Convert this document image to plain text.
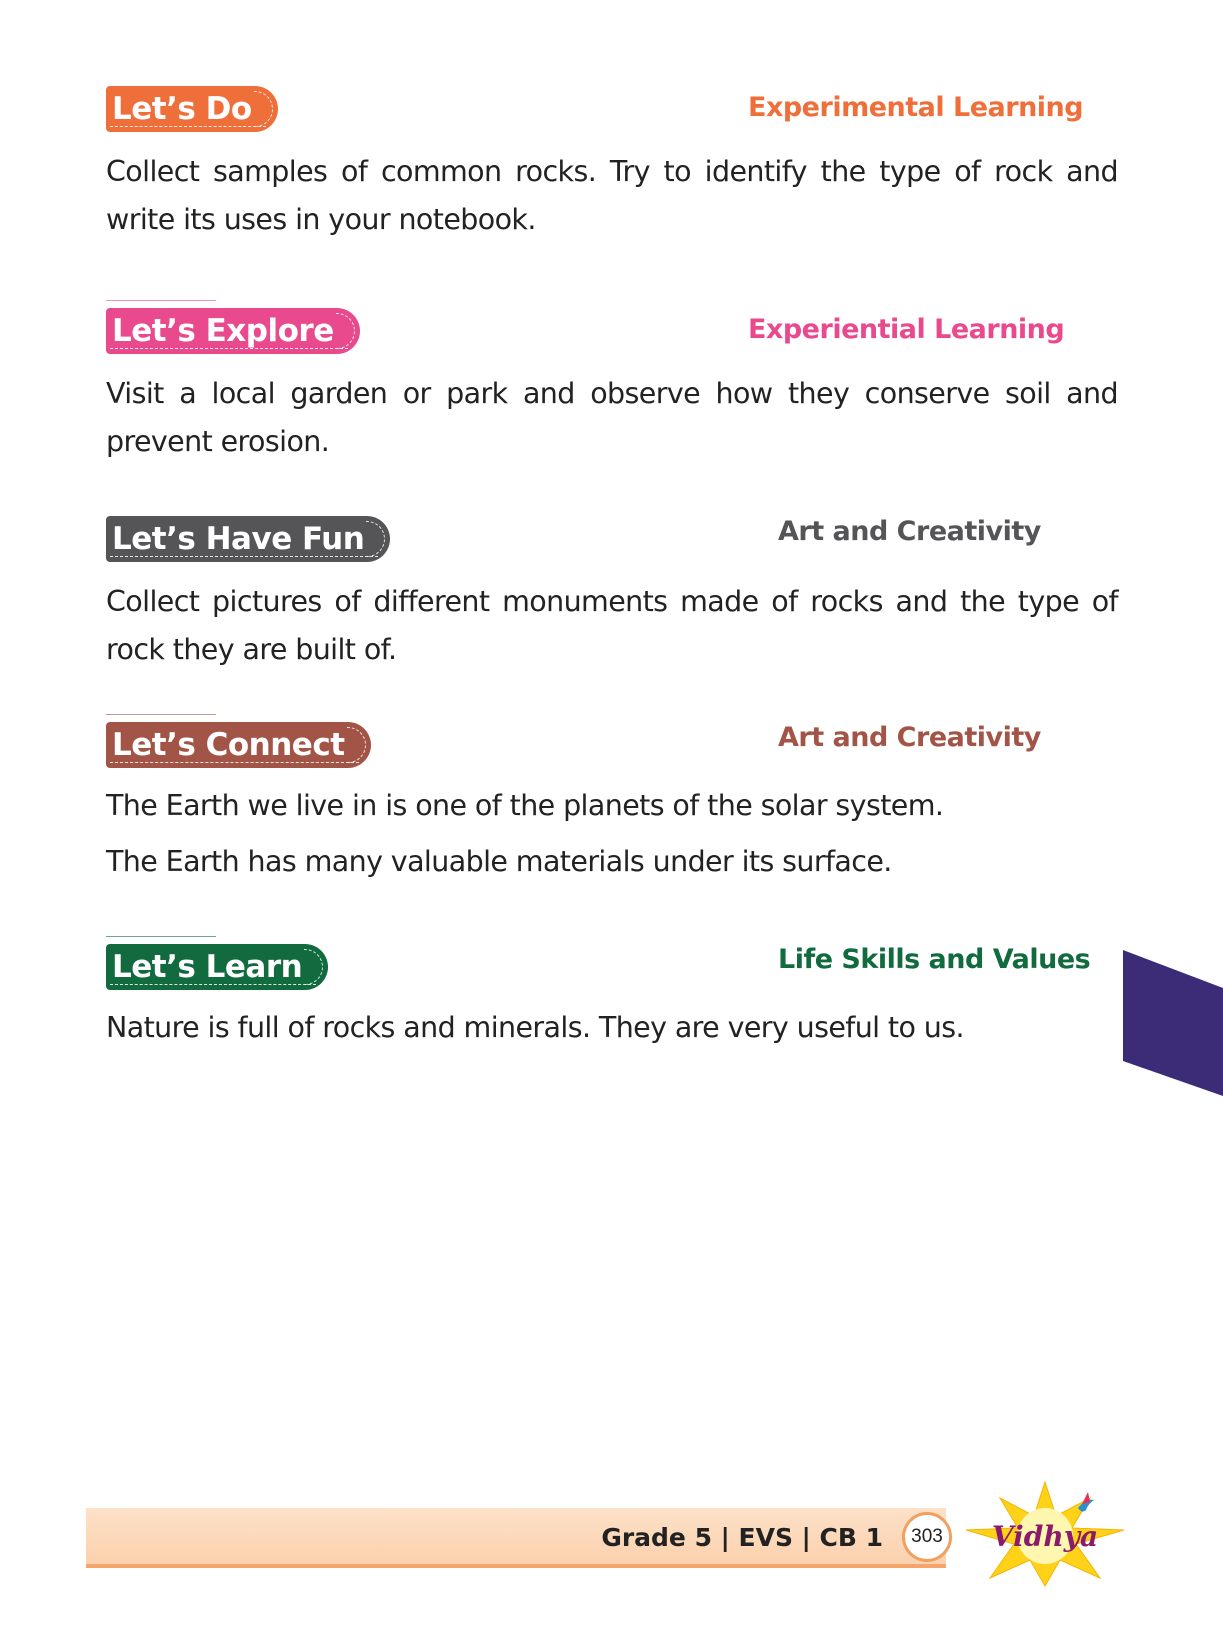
Let’s Do	Experimental Learning

Collect samples of common rocks. Try to identify the type of rock and write its uses in your notebook.

Let’s Explore	Experiential Learning

Visit a local garden or park and observe how they conserve soil and prevent erosion.

Let’s Have Fun	Art and Creativity

Collect pictures of different monuments made of rocks and the type of rock they are built of.

Let’s Connect	Art and Creativity

The Earth we live in is one of the planets of the solar system.

The Earth has many valuable materials under its surface.

Let’s Learn	Life Skills and Values

Nature is full of rocks and minerals. They are very useful to us.

Grade 5 | EVS | CB 1	303	Vidhya
